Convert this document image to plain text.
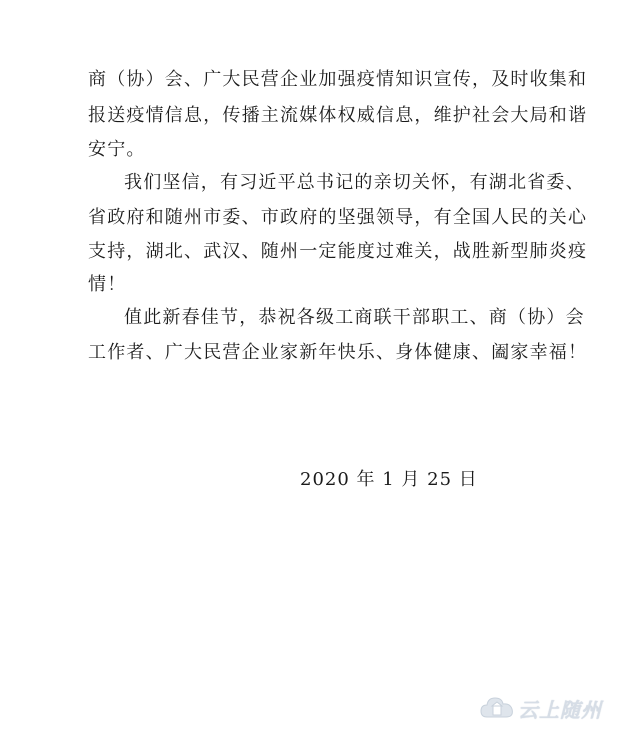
商（协）会、广大民营企业加强疫情知识宣传，及时收集和
报送疫情信息，传播主流媒体权威信息，维护社会大局和谐
安宁。
我们坚信，有习近平总书记的亲切关怀，有湖北省委、
省政府和随州市委、市政府的坚强领导，有全国人民的关心
支持，湖北、武汉、随州一定能度过难关，战胜新型肺炎疫
情！
值此新春佳节，恭祝各级工商联干部职工、商（协）会
工作者、广大民营企业家新年快乐、身体健康、阖家幸福！
2020 年 1 月 25 日
云上随州
